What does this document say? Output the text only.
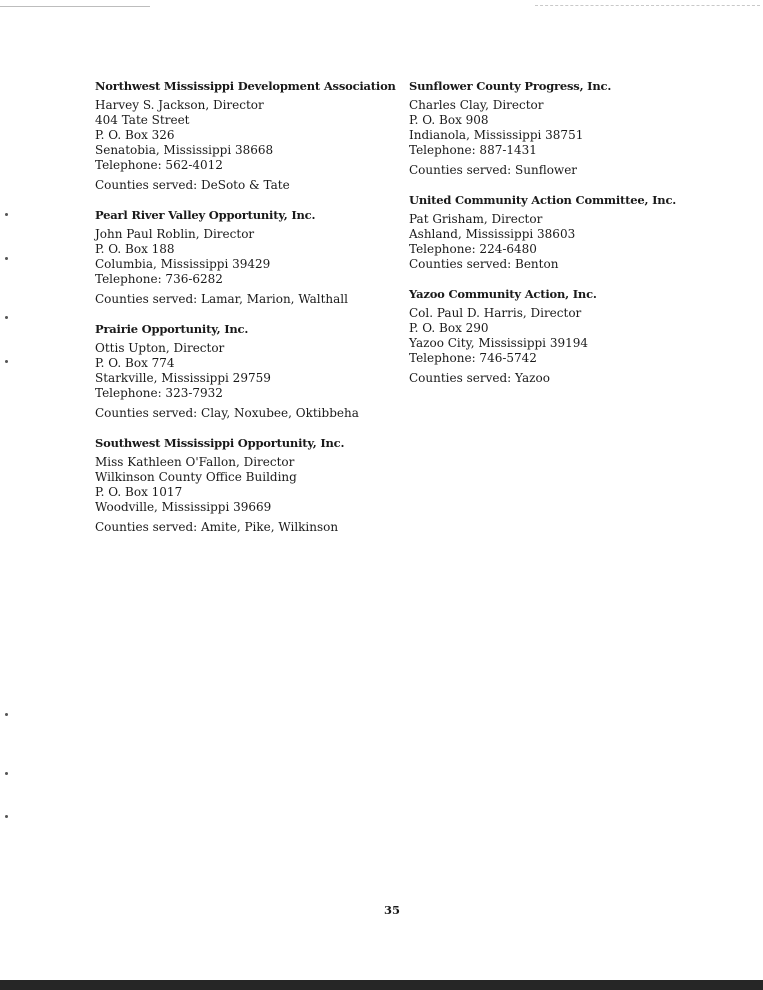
Northwest Mississippi Development Association
Harvey S. Jackson, Director
404 Tate Street
P. O. Box 326
Senatobia, Mississippi 38668
Telephone: 562-4012
Counties served: DeSoto & Tate
Pearl River Valley Opportunity, Inc.
John Paul Roblin, Director
P. O. Box 188
Columbia, Mississippi 39429
Telephone: 736-6282
Counties served: Lamar, Marion, Walthall
Prairie Opportunity, Inc.
Ottis Upton, Director
P. O. Box 774
Starkville, Mississippi 29759
Telephone: 323-7932
Counties served: Clay, Noxubee, Oktibbeha
Southwest Mississippi Opportunity, Inc.
Miss Kathleen O'Fallon, Director
Wilkinson County Office Building
P. O. Box 1017
Woodville, Mississippi 39669
Counties served: Amite, Pike, Wilkinson
Sunflower County Progress, Inc.
Charles Clay, Director
P. O. Box 908
Indianola, Mississippi 38751
Telephone: 887-1431
Counties served: Sunflower
United Community Action Committee, Inc.
Pat Grisham, Director
Ashland, Mississippi 38603
Telephone: 224-6480
Counties served: Benton
Yazoo Community Action, Inc.
Col. Paul D. Harris, Director
P. O. Box 290
Yazoo City, Mississippi 39194
Telephone: 746-5742
Counties served: Yazoo
35
